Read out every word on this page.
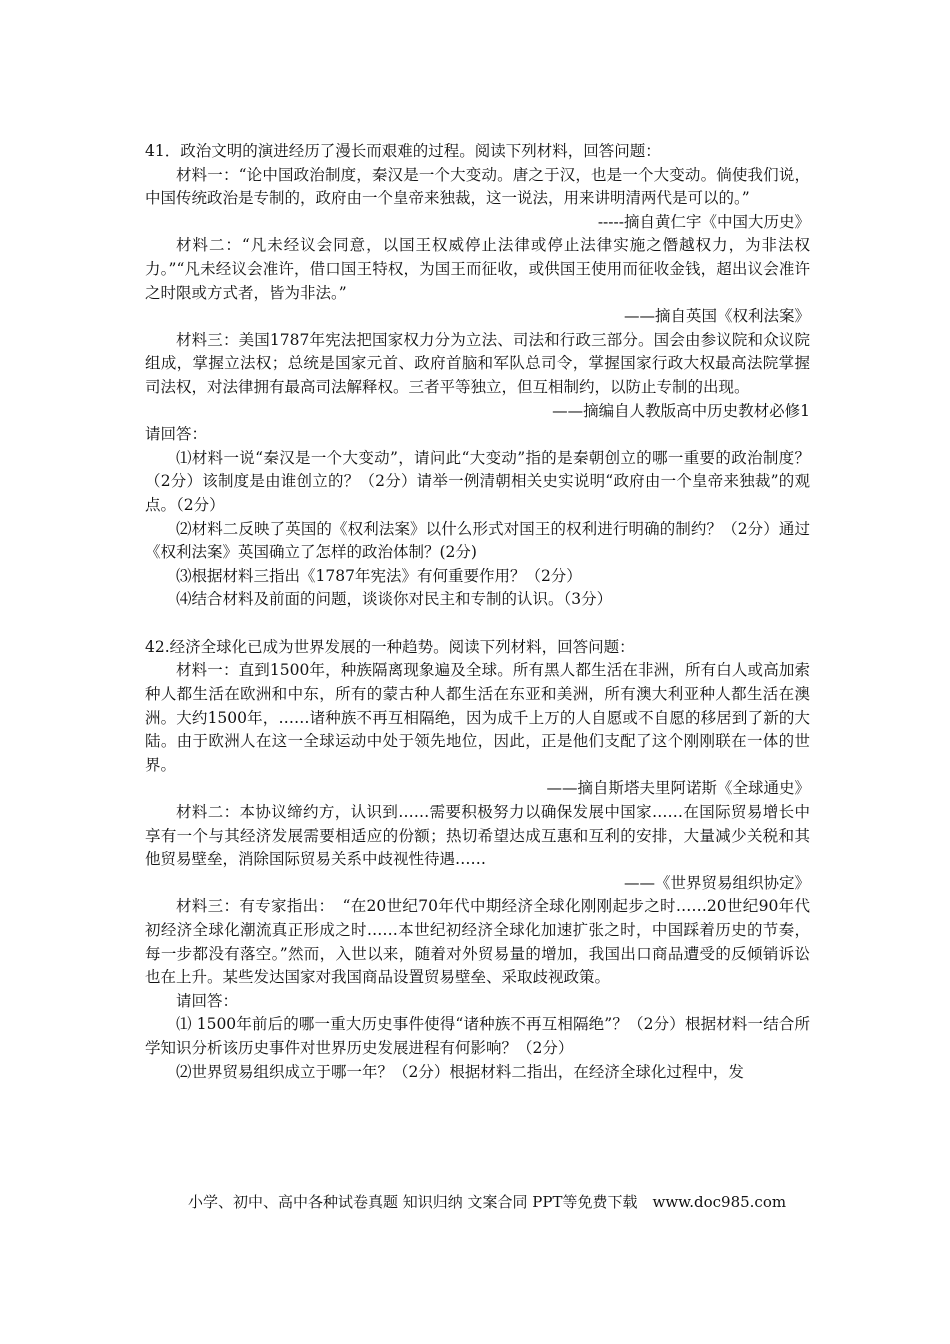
41．政治文明的演进经历了漫长而艰难的过程。阅读下列材料，回答问题：

材料一：“论中国政治制度，秦汉是一个大变动。唐之于汉，也是一个大变动。倘使我们说，中国传统政治是专制的，政府由一个皇帝来独裁，这一说法，用来讲明清两代是可以的。”

-----摘自黄仁宇《中国大历史》

材料二：“凡未经议会同意，以国王权威停止法律或停止法律实施之僭越权力，为非法权力。”“凡未经议会准许，借口国王特权，为国王而征收，或供国王使用而征收金钱，超出议会准许之时限或方式者，皆为非法。”

——摘自英国《权利法案》

材料三：美国1787年宪法把国家权力分为立法、司法和行政三部分。国会由参议院和众议院组成，掌握立法权；总统是国家元首、政府首脑和军队总司令，掌握国家行政大权最高法院掌握司法权，对法律拥有最高司法解释权。三者平等独立，但互相制约，以防止专制的出现。

——摘编自人教版高中历史教材必修1

请回答：

⑴材料一说“秦汉是一个大变动”，请问此“大变动”指的是秦朝创立的哪一重要的政治制度？（2分）该制度是由谁创立的？（2分）请举一例清朝相关史实说明“政府由一个皇帝来独裁”的观点。（2分）

⑵材料二反映了英国的《权利法案》以什么形式对国王的权利进行明确的制约？（2分）通过《权利法案》英国确立了怎样的政治体制？(2分)

⑶根据材料三指出《1787年宪法》有何重要作用？（2分）

⑷结合材料及前面的问题，谈谈你对民主和专制的认识。（3分）

42.经济全球化已成为世界发展的一种趋势。阅读下列材料，回答问题：

材料一：直到1500年，种族隔离现象遍及全球。所有黑人都生活在非洲，所有白人或高加索种人都生活在欧洲和中东，所有的蒙古种人都生活在东亚和美洲，所有澳大利亚种人都生活在澳洲。大约1500年，……诸种族不再互相隔绝，因为成千上万的人自愿或不自愿的移居到了新的大陆。由于欧洲人在这一全球运动中处于领先地位，因此，正是他们支配了这个刚刚联在一体的世界。

——摘自斯塔夫里阿诺斯《全球通史》

材料二：本协议缔约方，认识到……需要积极努力以确保发展中国家……在国际贸易增长中享有一个与其经济发展需要相适应的份额；热切希望达成互惠和互利的安排，大量减少关税和其他贸易壁垒，消除国际贸易关系中歧视性待遇……

——《世界贸易组织协定》

材料三：有专家指出：　“在20世纪70年代中期经济全球化刚刚起步之时……20世纪90年代初经济全球化潮流真正形成之时……本世纪初经济全球化加速扩张之时，中国踩着历史的节奏，每一步都没有落空。”然而，入世以来，随着对外贸易量的增加，我国出口商品遭受的反倾销诉讼也在上升。某些发达国家对我国商品设置贸易壁垒、采取歧视政策。

请回答：

⑴ 1500年前后的哪一重大历史事件使得“诸种族不再互相隔绝”？（2分）根据材料一结合所学知识分析该历史事件对世界历史发展进程有何影响？（2分）

⑵世界贸易组织成立于哪一年？（2分）根据材料二指出，在经济全球化过程中，发

小学、初中、高中各种试卷真题 知识归纳 文案合同 PPT等免费下载　www.doc985.com
